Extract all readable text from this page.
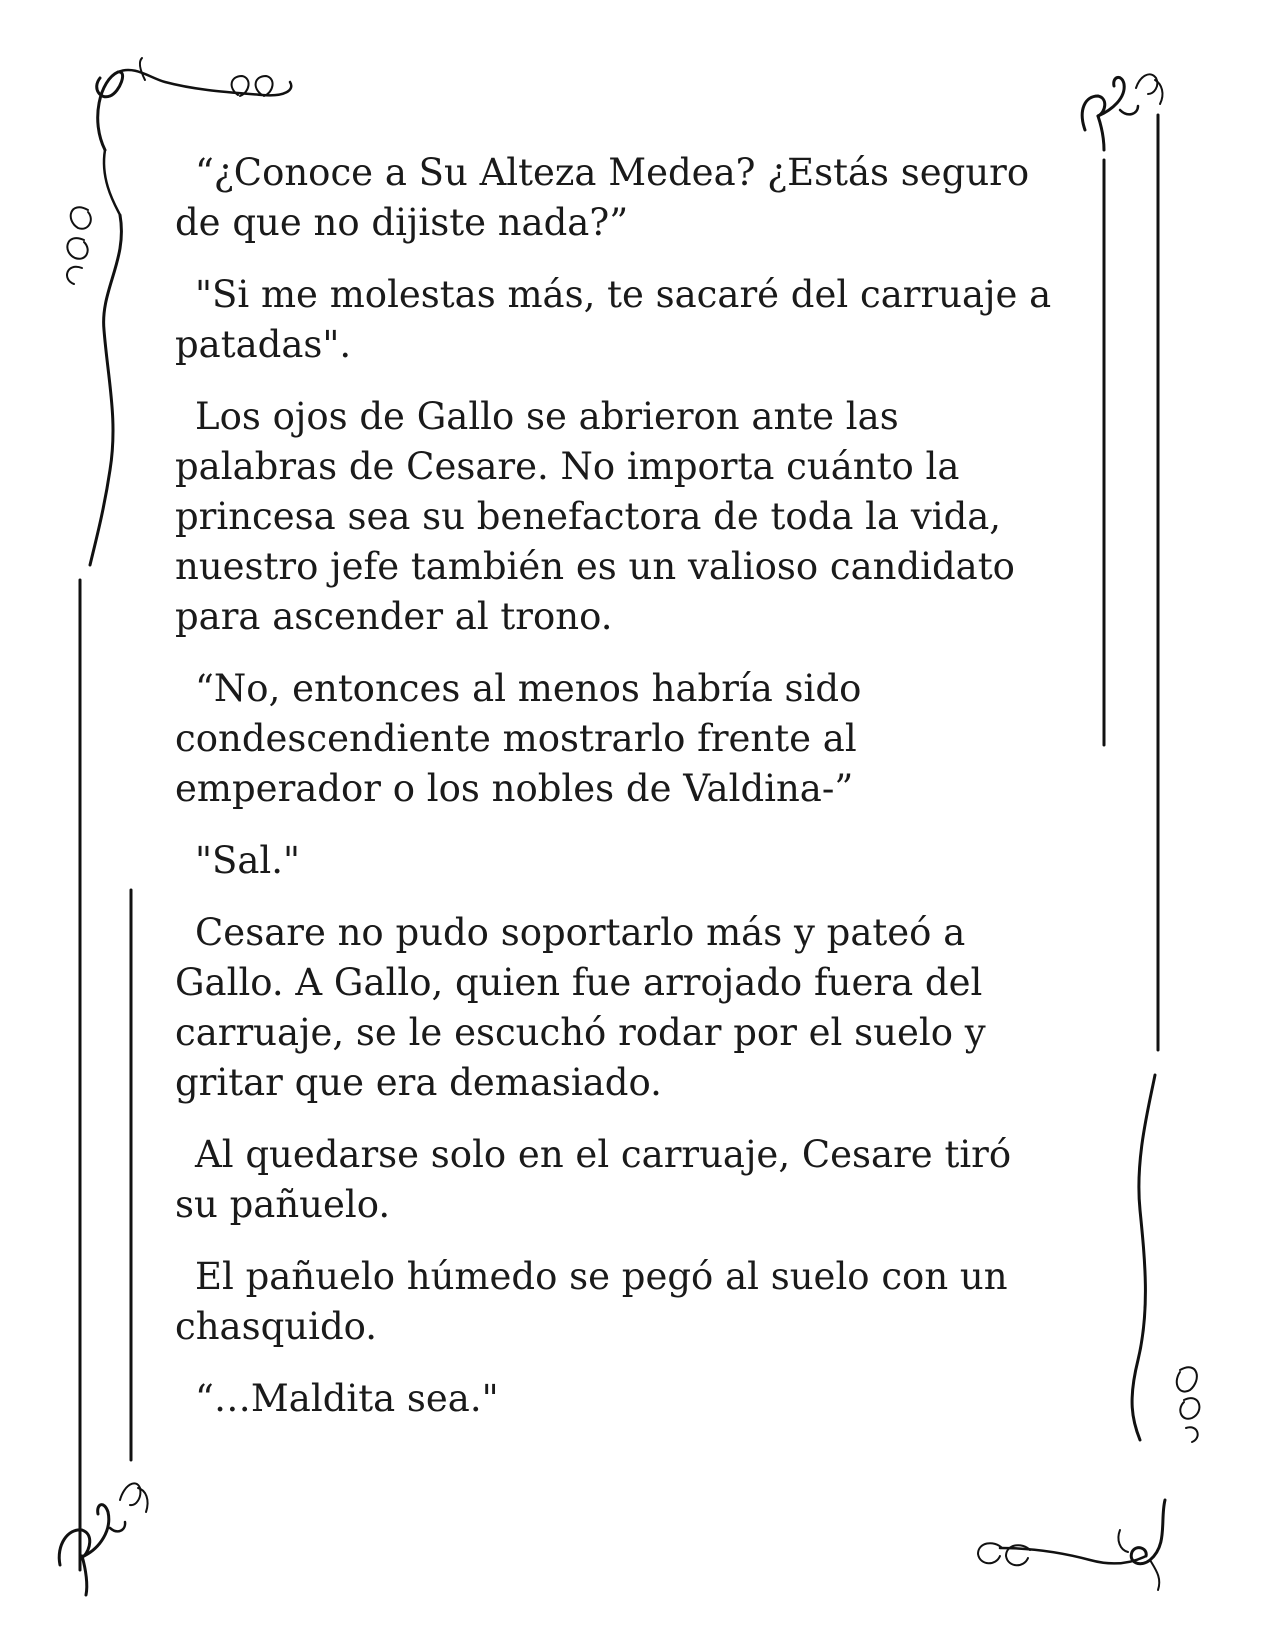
“¿Conoce a Su Alteza Medea? ¿Estás seguro
de que no dijiste nada?”

"Si me molestas más, te sacaré del carruaje a
patadas".

Los ojos de Gallo se abrieron ante las
palabras de Cesare. No importa cuánto la
princesa sea su benefactora de toda la vida,
nuestro jefe también es un valioso candidato
para ascender al trono.

“No, entonces al menos habría sido
condescendiente mostrarlo frente al
emperador o los nobles de Valdina-”

"Sal."

Cesare no pudo soportarlo más y pateó a
Gallo. A Gallo, quien fue arrojado fuera del
carruaje, se le escuchó rodar por el suelo y
gritar que era demasiado.

Al quedarse solo en el carruaje, Cesare tiró
su pañuelo.

El pañuelo húmedo se pegó al suelo con un
chasquido.

“…Maldita sea."
